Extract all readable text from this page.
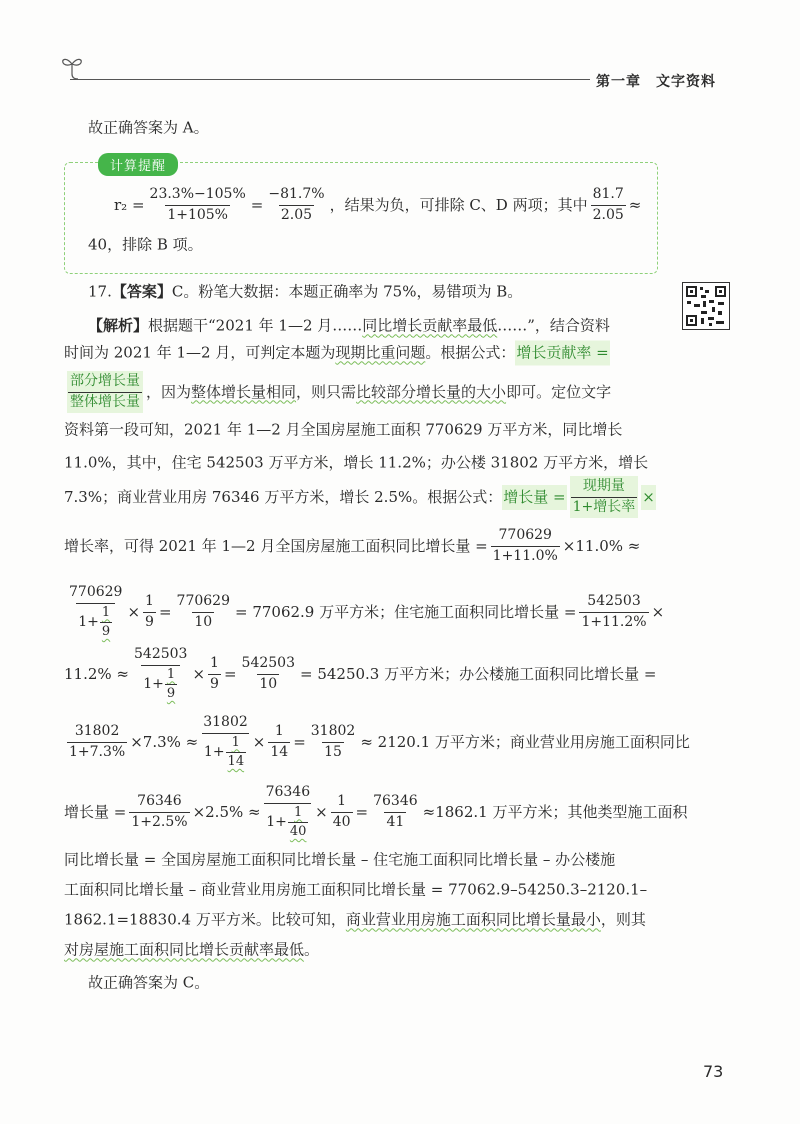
第一章　文字资料
故正确答案为 A。
计算提醒
$r_2 = \frac{23.3\%-105\%}{1+105\%} = \frac{-81.7\%}{2.05}$ ，结果为负，可排除 C、D 两项；其中 $\frac{81.7}{2.05}$ ≈
40，排除 B 项。
17. 【答案】 C。粉笔大数据：本题正确率为 75%，易错项为 B。
【解析】 根据题干“2021 年 1—2 月…… 同比增长贡献率最低 ……”，结合资料
时间为 2021 年 1—2 月，可判定本题为 现期比重问题 。根据公式： 增长贡献率 =
$\frac{\text{部分增长量}}{\text{整体增长量}}$ ，因为 整体增长量相同 ，则只需 比较部分增长量的大小 即可。定位文字
资料第一段可知，2021 年 1—2 月全国房屋施工面积 770629 万平方米，同比增长
11.0%，其中，住宅 542503 万平方米，增长 11.2%；办公楼 31802 万平方米，增长
7.3%；商业营业用房 76346 万平方米，增长 2.5%。根据公式： 增长量 = $\frac{\text{现期量}}{\text{1+增长率}}$ ×
增长率，可得 2021 年 1—2 月全国房屋施工面积同比增长量 = $\frac{770629}{1+11.0\%} \times 11.0\%$ ≈
$\frac{770629}{1+ \frac{1}{9}} \times \frac{1}{9} = \frac{770629}{10} = 77062.9$ 万平方米；住宅施工面积同比增长量 = $\frac{542503}{1+11.2\%}$ ×
$11.2\% \approx \frac{542503}{1+ \frac{1}{9}} \times \frac{1}{9} = \frac{542503}{10} = 54250.3$ 万平方米；办公楼施工面积同比增长量 =
$\frac{31802}{1+7.3\%} \times 7.3\% \approx \frac{31802}{1+ \frac{1}{14}} \times \frac{1}{14} = \frac{31802}{15} \approx 2120.1$ 万平方米；商业营业用房施工面积同比
增长量 = $\frac{76346}{1+2.5\%} \times 2.5\% \approx \frac{76346}{1+ \frac{1}{40}} \times \frac{1}{40} = \frac{76346}{41} \approx 1862.1$ 万平方米；其他类型施工面积
同比增长量 = 全国房屋施工面积同比增长量 – 住宅施工面积同比增长量 – 办公楼施
工面积同比增长量 – 商业营业用房施工面积同比增长量 = 77062.9–54250.3–2120.1–
1862.1=18830.4 万平方米。比较可知， 商业营业用房施工面积同比增长量最小 ，则其
对房屋施工面积同比增长贡献率最低 。
故正确答案为 C。
73
